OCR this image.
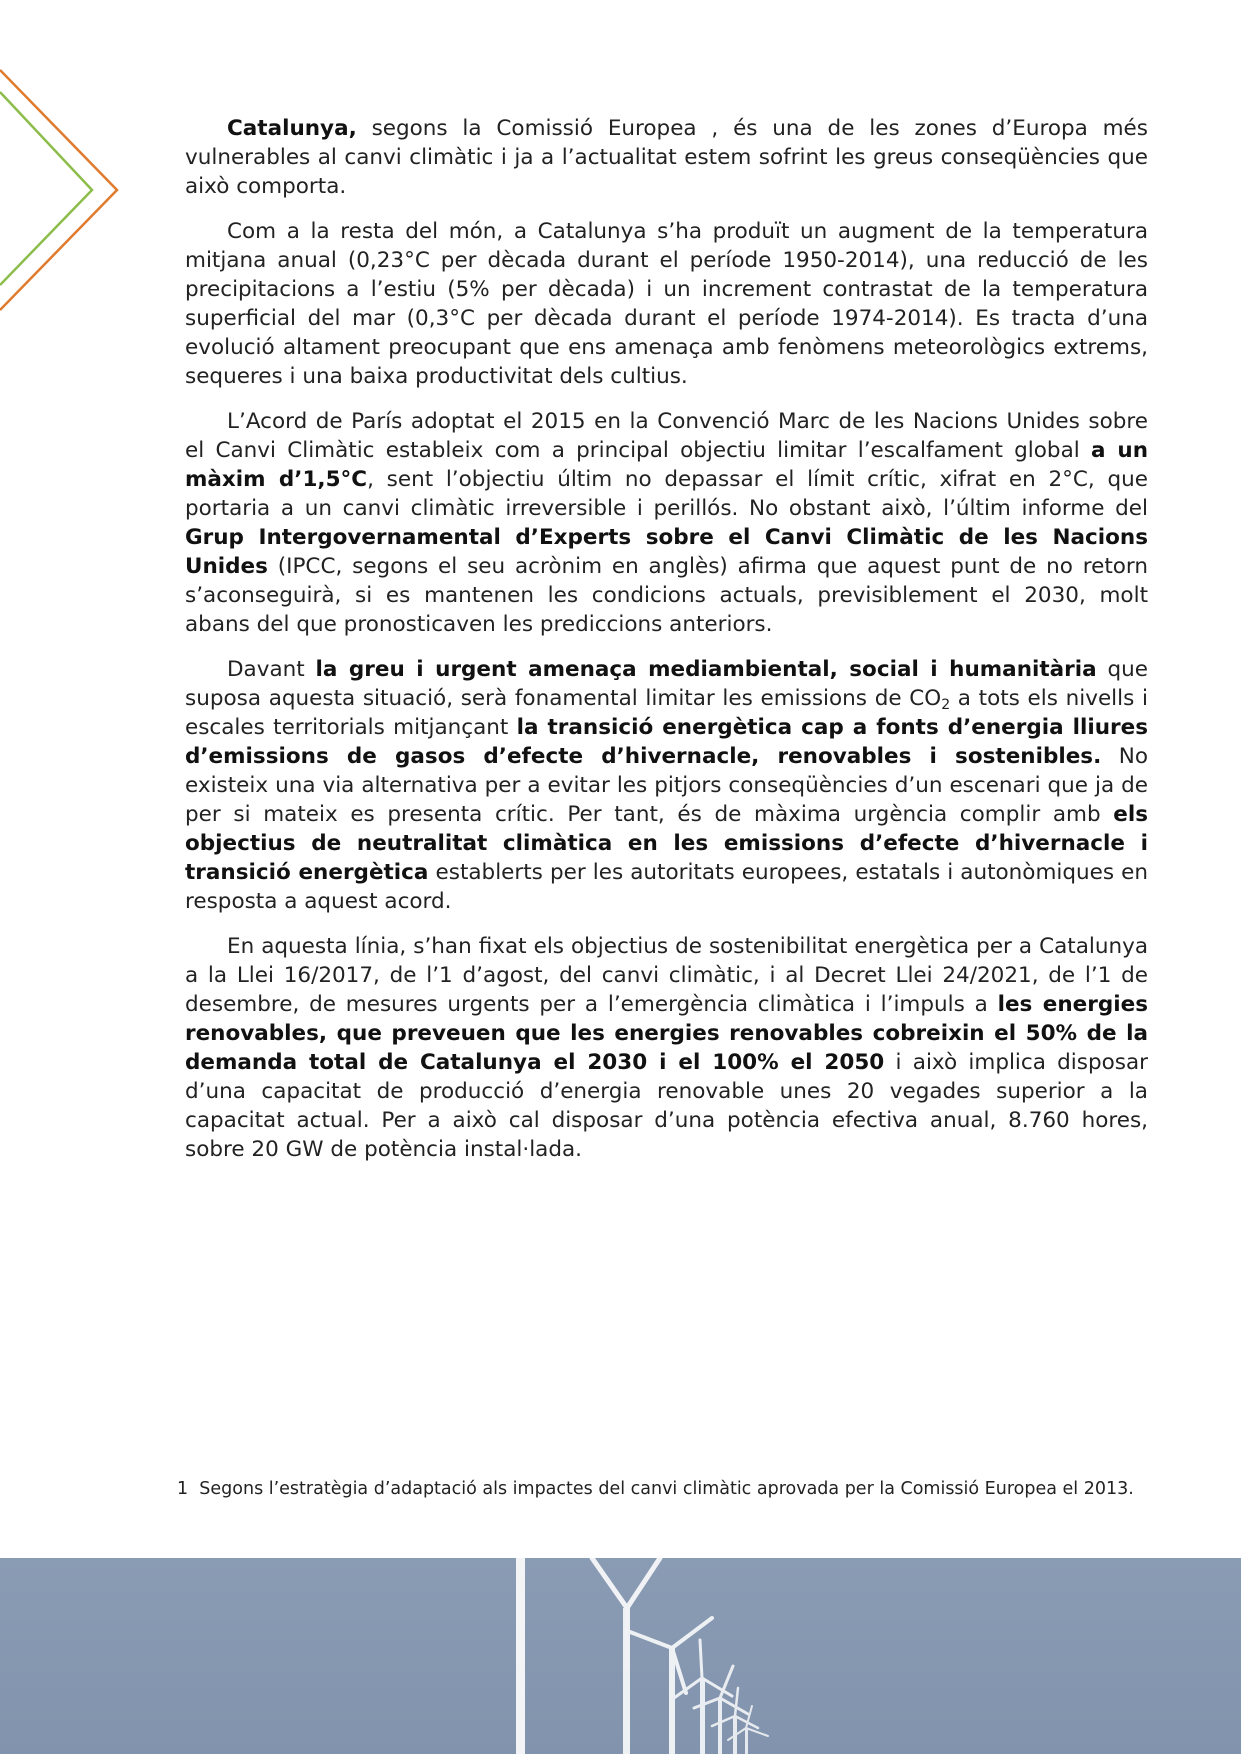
Catalunya, segons la Comissió Europea , és una de les zones d’Europa més vulnerables al canvi climàtic i ja a l’actualitat estem sofrint les greus conseqüències que això comporta.

Com a la resta del món, a Catalunya s’ha produït un augment de la temperatura mitjana anual (0,23°C per dècada durant el període 1950-2014), una reducció de les precipitacions a l’estiu (5% per dècada) i un increment contrastat de la temperatura superficial del mar (0,3°C per dècada durant el període 1974-2014). Es tracta d’una evolució altament preocupant que ens amenaça amb fenòmens meteorològics extrems, sequeres i una baixa productivitat dels cultius.

L’Acord de París adoptat el 2015 en la Convenció Marc de les Nacions Unides sobre el Canvi Climàtic estableix com a principal objectiu limitar l’escalfament global a un màxim d’1,5°C, sent l’objectiu últim no depassar el límit crític, xifrat en 2°C, que portaria a un canvi climàtic irreversible i perillós. No obstant això, l’últim informe del Grup Intergovernamental d’Experts sobre el Canvi Climàtic de les Nacions Unides (IPCC, segons el seu acrònim en anglès) afirma que aquest punt de no retorn s’aconseguirà, si es mantenen les condicions actuals, previsiblement el 2030, molt abans del que pronosticaven les prediccions anteriors.

Davant la greu i urgent amenaça mediambiental, social i humanitària que suposa aquesta situació, serà fonamental limitar les emissions de $CO_2$ a tots els nivells i escales territorials mitjançant la transició energètica cap a fonts d’energia lliures d’emissions de gasos d’efecte d’hivernacle, renovables i sostenibles. No existeix una via alternativa per a evitar les pitjors conseqüències d’un escenari que ja de per si mateix es presenta crític. Per tant, és de màxima urgència complir amb els objectius de neutralitat climàtica en les emissions d’efecte d’hivernacle i transició energètica establerts per les autoritats europees, estatals i autonòmiques en resposta a aquest acord.

En aquesta línia, s’han fixat els objectius de sostenibilitat energètica per a Catalunya a la Llei 16/2017, de l’1 d’agost, del canvi climàtic, i al Decret Llei 24/2021, de l’1 de desembre, de mesures urgents per a l’emergència climàtica i l’impuls a les energies renovables, que preveuen que les energies renovables cobreixin el 50% de la demanda total de Catalunya el 2030 i el 100% el 2050 i això implica disposar d’una capacitat de producció d’energia renovable unes 20 vegades superior a la capacitat actual. Per a això cal disposar d’una potència efectiva anual, 8.760 hores, sobre 20 GW de potència instal·lada.

1 Segons l’estratègia d’adaptació als impactes del canvi climàtic aprovada per la Comissió Europea el 2013.
